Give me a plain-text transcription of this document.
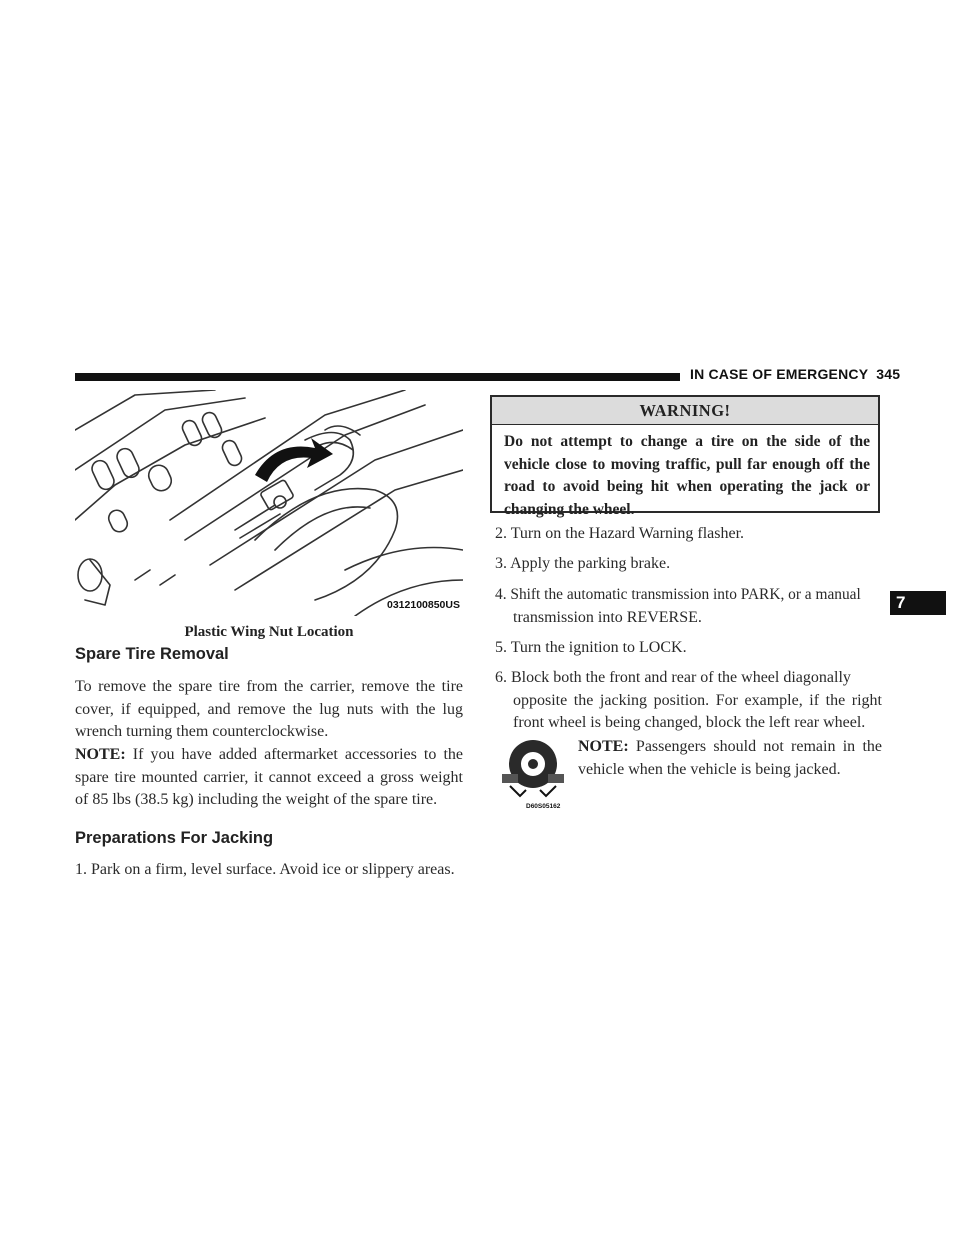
IN CASE OF EMERGENCY 345
7
0312100850US
Plastic Wing Nut Location
Spare Tire Removal

To remove the spare tire from the carrier, remove the tire cover, if equipped, and remove the lug nuts with the lug wrench turning them counterclockwise.

NOTE: If you have added aftermarket accessories to the spare tire mounted carrier, it cannot exceed a gross weight of 85 lbs (38.5 kg) including the weight of the spare tire.

Preparations For Jacking

1. Park on a firm, level surface. Avoid ice or slippery areas.

WARNING!
Do not attempt to change a tire on the side of the vehicle close to moving traffic, pull far enough off the road to avoid being hit when operating the jack or changing the wheel.

2. Turn on the Hazard Warning flasher.

3. Apply the parking brake.

4. Shift the automatic transmission into PARK, or a manual
transmission into REVERSE.

5. Turn the ignition to LOCK.

6. Block both the front and rear of the wheel diagonally
opposite the jacking position. For example, if the right front wheel is being changed, block the left rear wheel.

D60S05162

NOTE: Passengers should not remain in the vehicle when the vehicle is being jacked.
